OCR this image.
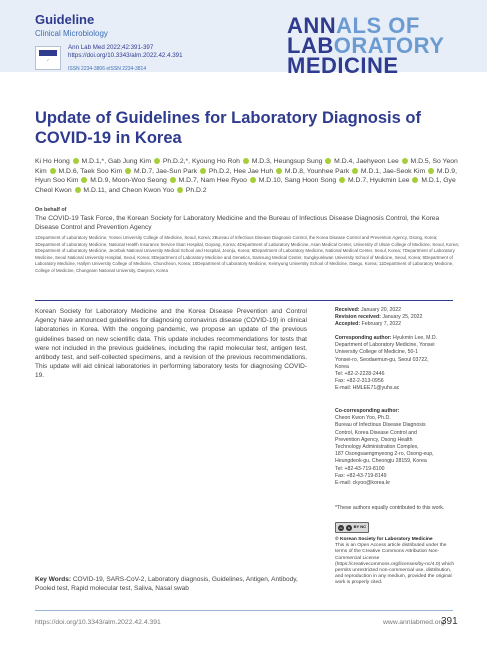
Guideline
Clinical Microbiology
✓
Ann Lab Med 2022;42:391-397
https://doi.org/10.3343/alm.2022.42.4.391
ISSN 2234-3806 eISSN 2234-3814
ANNALS OF
LABORATORY
MEDICINE
Update of Guidelines for Laboratory Diagnosis of COVID-19 in Korea
Ki Ho Hong  M.D.1,*, Gab Jung Kim  Ph.D.2,*, Kyoung Ho Roh  M.D.3, Heungsup Sung  M.D.4, Jaehyeon Lee  M.D.5, So Yeon Kim  M.D.6, Taek Soo Kim  M.D.7, Jae-Sun Park  Ph.D.2, Hee Jae Huh  M.D.8, Younhee Park  M.D.1, Jae-Seok Kim  M.D.9, Hyun Soo Kim  M.D.9, Moon-Woo Seong  M.D.7, Nam Hee Ryoo  M.D.10, Sang Hoon Song  M.D.7, Hyukmin Lee  M.D.1, Gye Cheol Kwon  M.D.11, and Cheon Kwon Yoo  Ph.D.2
On behalf of
The COVID-19 Task Force, the Korean Society for Laboratory Medicine and the Bureau of Infectious Disease Diagnosis Control, the Korea Disease Control and Prevention Agency
1Department of Laboratory Medicine, Yonsei University College of Medicine, Seoul, Korea; 2Bureau of Infectious Disease Diagnosis Control, the Korea Disease Control and Prevention Agency, Osong, Korea; 3Department of Laboratory Medicine, National Health Insurance Service Ilsan Hospital, Goyang, Korea; 4Department of Laboratory Medicine, Asan Medical Center, University of Ulsan College of Medicine, Seoul, Korea; 5Department of Laboratory Medicine, Jeonbuk National University Medical School and Hospital, Jeonju, Korea; 6Department of Laboratory Medicine, National Medical Center, Seoul, Korea; 7Department of Laboratory Medicine, Seoul National University Hospital, Seoul, Korea; 8Department of Laboratory Medicine and Genetics, Samsung Medical Center, Sungkyunkwan University School of Medicine, Seoul, Korea; 9Department of Laboratory Medicine, Hallym University College of Medicine, Chuncheon, Korea; 10Department of Laboratory Medicine, Keimyung University School of Medicine, Daegu, Korea; 11Department of Laboratory Medicine, College of Medicine, Chungnam National University, Daejeon, Korea

Korean Society for Laboratory Medicine and the Korea Disease Prevention and Control Agency have announced guidelines for diagnosing coronavirus disease (COVID-19) in clinical laboratories in Korea. With the ongoing pandemic, we propose an update of the previous guidelines based on new scientific data. This update includes recommendations for tests that were not included in the previous guidelines, including the rapid molecular test, antigen test, antibody test, and self-collected specimens, and a revision of the previous recommendations. This update will aid clinical laboratories in performing laboratory tests for diagnosing COVID-19.

Key Words: COVID-19, SARS-CoV-2, Laboratory diagnosis, Guidelines, Antigen, Antibody, Pooled test, Rapid molecular test, Saliva, Nasal swab
Received: January 20, 2022
Revision received: January 25, 2022
Accepted: February 7, 2022
Corresponding author: Hyukmin Lee, M.D.
Department of Laboratory Medicine, Yonsei
University College of Medicine, 50-1
Yonsei-ro, Seodaemun-gu, Seoul 03722,
Korea
Tel: +82-2-2228-2446
Fax: +82-2-313-0956
E-mail: HMLEE71@yuhs.ac
Co-corresponding author:
Cheon Kwon Yoo, Ph.D.
Bureau of Infectious Disease Diagnosis
Control, Korea Disease Control and
Prevention Agency, Osong Health
Technology Administration Complex,
187 Osongsaengmyeong 2-ro, Osong-eup,
Heungdeok-gu, Cheongju 28159, Korea
Tel: +82-43-719-8100
Fax: +82-43-719-8149
E-mail: ckyoo@korea.kr
*These authors equally contributed to this work.
cc	$ BY NC
© Korean Society for Laboratory Medicine
This is an Open Access article distributed under the terms of the Creative Commons Attribution Non-Commercial License (https://creativecommons.org/licenses/by-nc/4.0) which permits unrestricted non-commercial use, distribution, and reproduction in any medium, provided the original work is properly cited.
https://doi.org/10.3343/alm.2022.42.4.391	www.annlabmed.org
391
